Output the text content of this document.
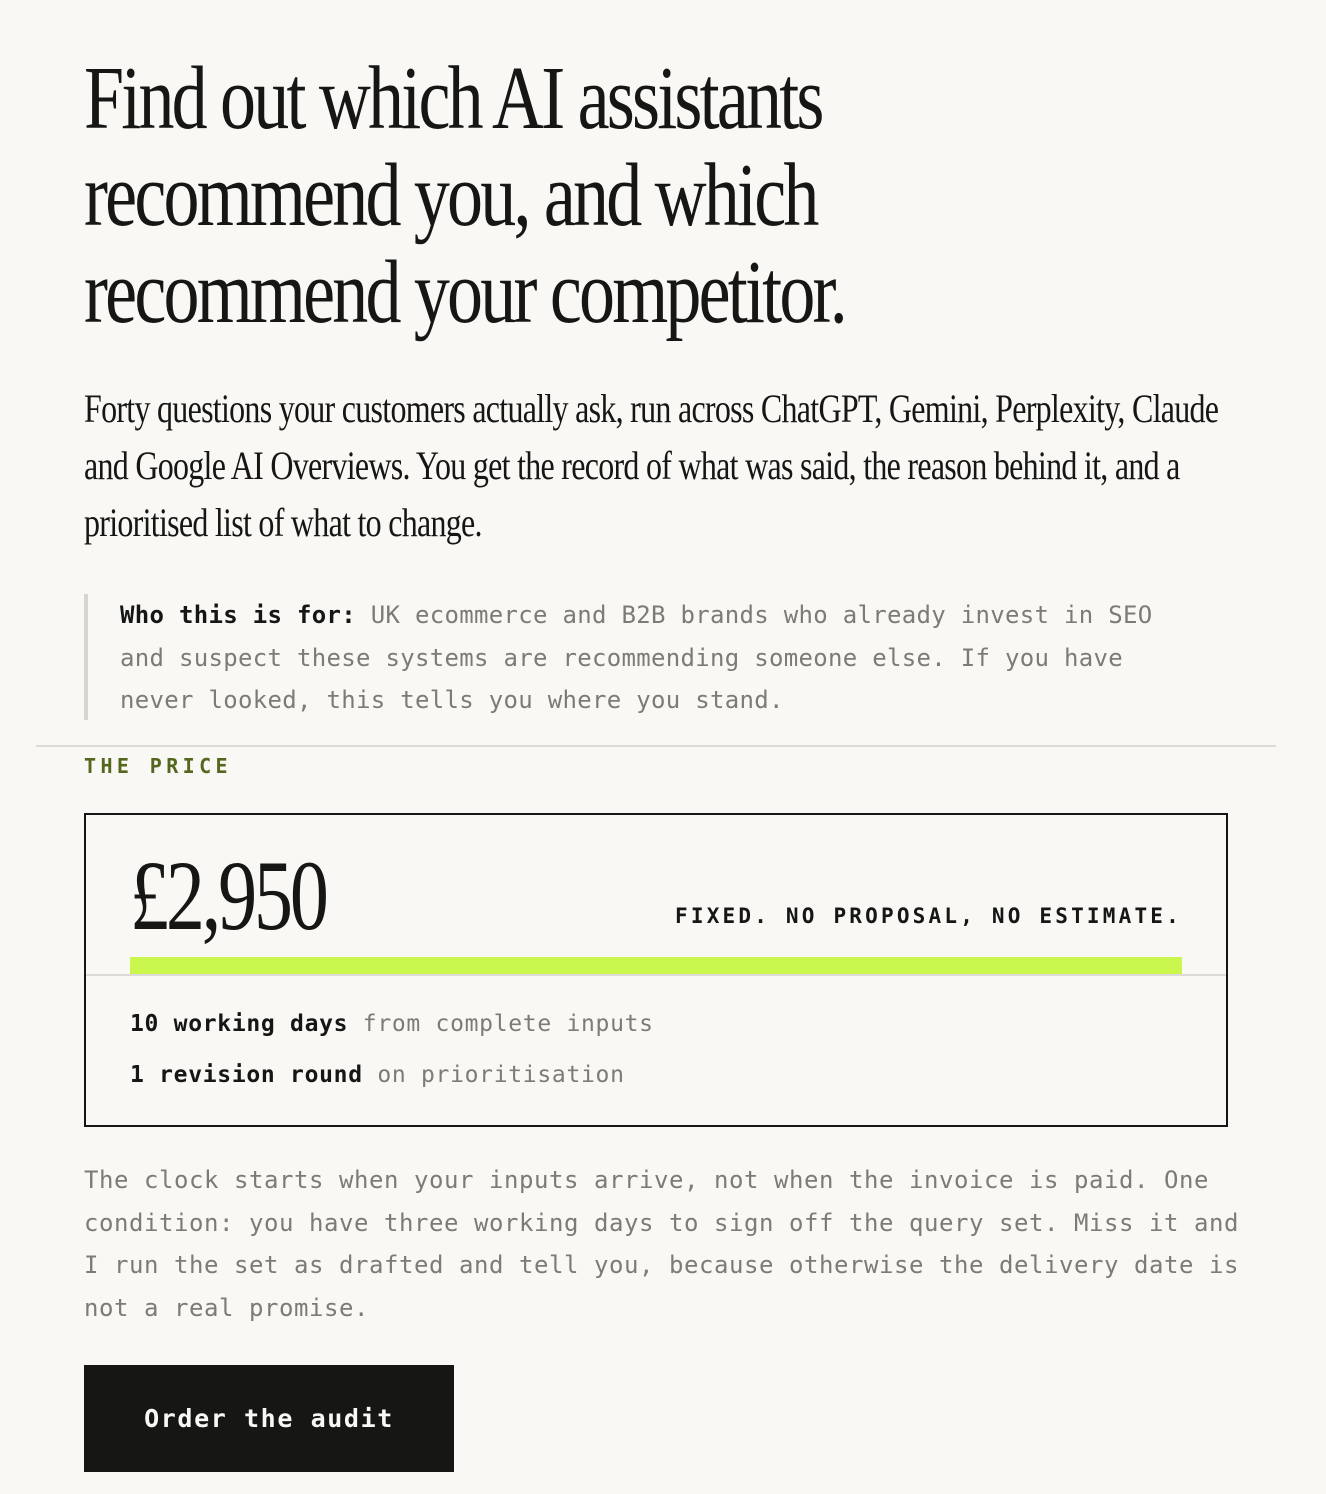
Find out which AI assistants recommend you, and which recommend your competitor.

Forty questions your customers actually ask, run across ChatGPT, Gemini, Perplexity, Claude and Google AI Overviews. You get the record of what was said, the reason behind it, and a prioritised list of what to change.

Who this is for: UK ecommerce and B2B brands who already invest in SEO and suspect these systems are recommending someone else. If you have never looked, this tells you where you stand.
THE PRICE
£2,950	FIXED. NO PROPOSAL, NO ESTIMATE.
10 working days from complete inputs
1 revision round on prioritisation

The clock starts when your inputs arrive, not when the invoice is paid. One condition: you have three working days to sign off the query set. Miss it and I run the set as drafted and tell you, because otherwise the delivery date is not a real promise.

Order the audit
